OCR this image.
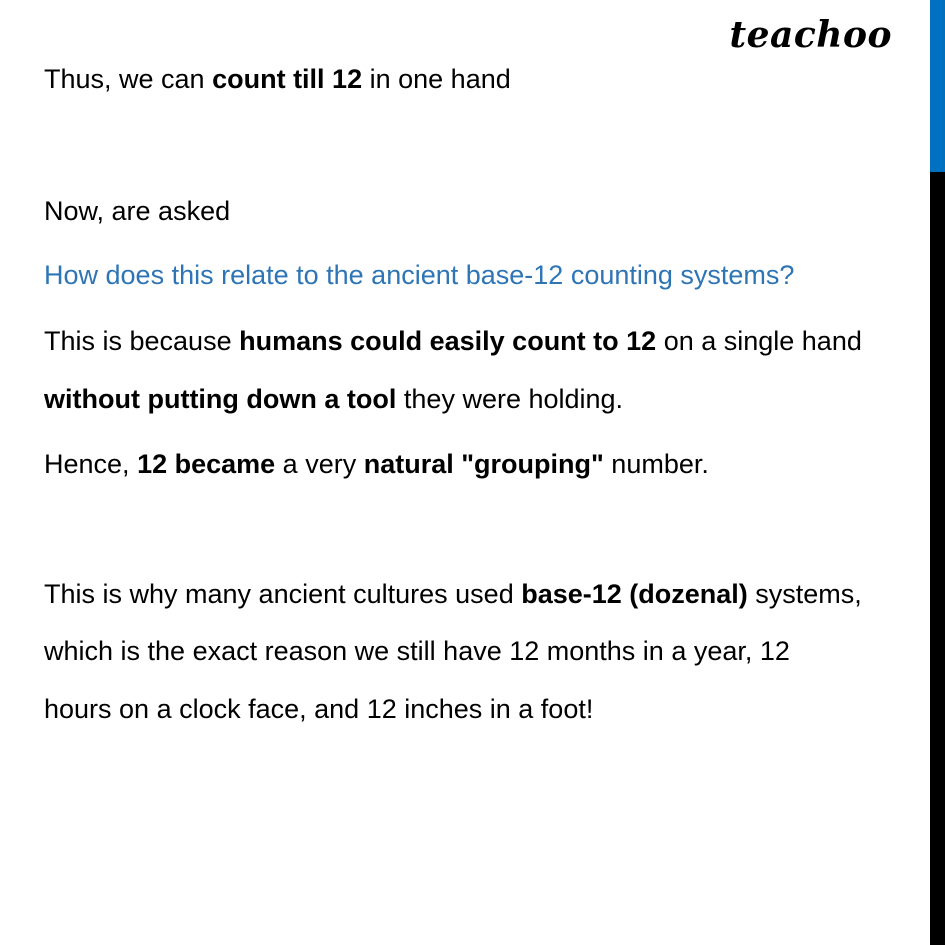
teachoo
Thus, we can count till 12 in one hand
Now, are asked
How does this relate to the ancient base-12 counting systems?
This is because humans could easily count to 12 on a single hand
without putting down a tool they were holding.
Hence, 12 became a very natural "grouping" number.
This is why many ancient cultures used base-12 (dozenal) systems,
which is the exact reason we still have 12 months in a year, 12
hours on a clock face, and 12 inches in a foot!
